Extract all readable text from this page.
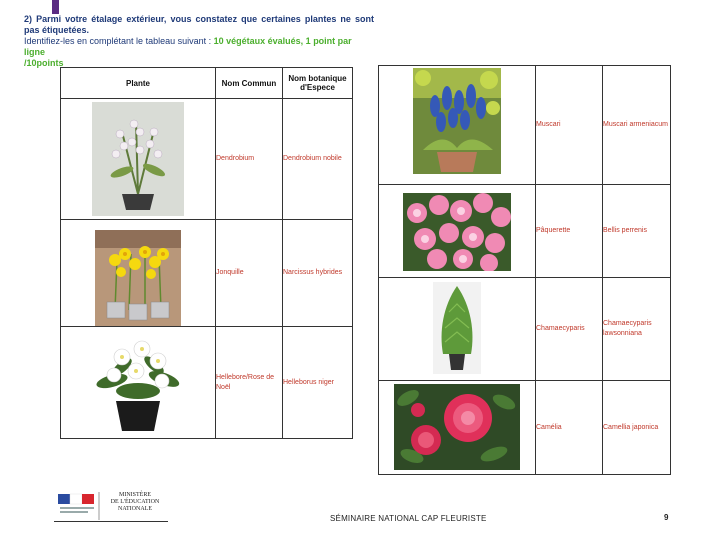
2) Parmi votre étalage extérieur, vous constatez que certaines plantes ne sont
pas étiquetées.
Identifiez-les en complétant le tableau suivant : 10 végétaux évalués, 1 point par ligne
/10points
Plante	Nom Commun	Nom botanique d'Espece

	Dendrobium	Dendrobium nobile

	Jonquille	Narcissus hybrides

	Hellebore/Rose de Noël	Helleborus niger
	Muscari	Muscari armeniacum

	Pâquerette	Bellis perrenis

	Chamaecyparis	Chamaecyparis lawsonniana

	Camélia	Camellia japonica
MINISTÈRE
DE L'ÉDUCATION
NATIONALE
SÉMINAIRE NATIONAL CAP FLEURISTE	9
